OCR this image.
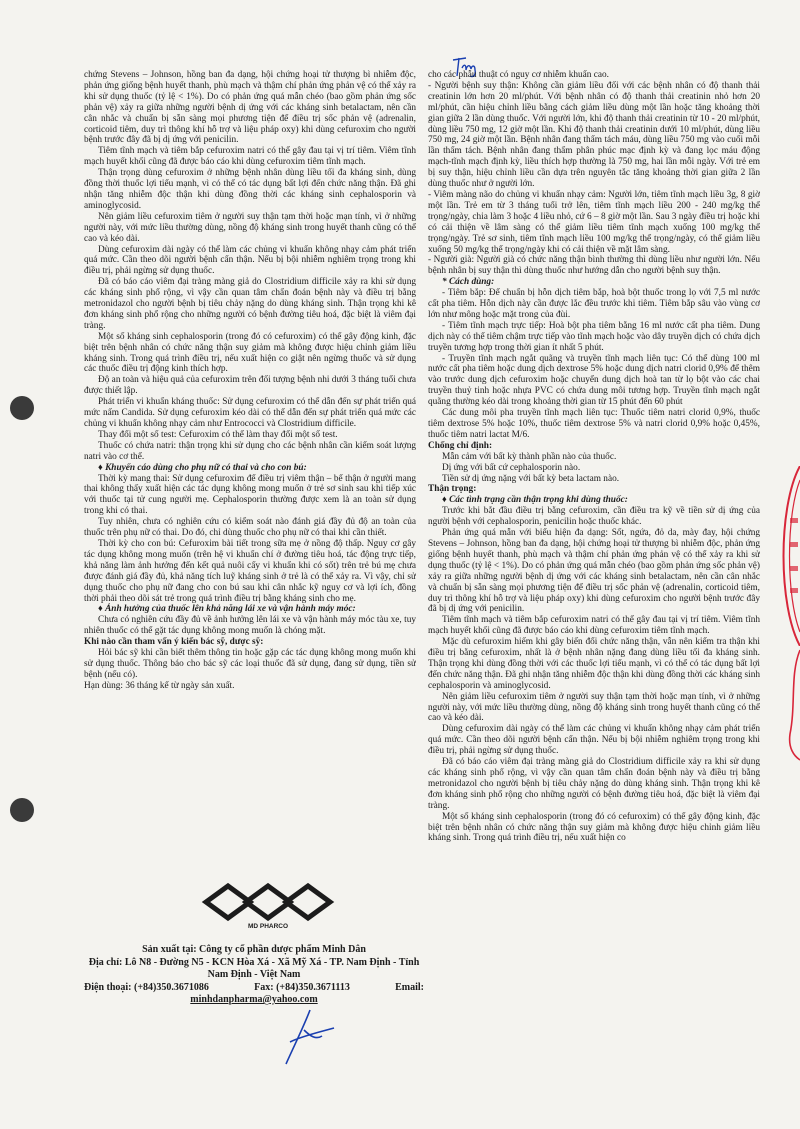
chứng Stevens – Johnson, hồng ban đa dạng, hội chứng hoại tử thượng bì nhiễm độc, phản ứng giống bệnh huyết thanh, phù mạch và thậm chí phản ứng phản vệ có thể xảy ra khi sử dụng thuốc (tỷ lệ < 1%). Do có phản ứng quá mẫn chéo (bao gồm phản ứng sốc phản vệ) xảy ra giữa những người bệnh dị ứng với các kháng sinh betalactam, nên cần cân nhắc và chuẩn bị sẵn sàng mọi phương tiện để điều trị sốc phản vệ (adrenalin, corticoid tiêm, duy trì thông khí hỗ trợ và liệu pháp oxy) khi dùng cefuroxim cho người bệnh trước đây đã bị dị ứng với penicilin.

Tiêm tĩnh mạch và tiêm bắp cefuroxim natri có thể gây đau tại vị trí tiêm. Viêm tĩnh mạch huyết khối cũng đã được báo cáo khi dùng cefuroxim tiêm tĩnh mạch.

Thận trọng dùng cefuroxim ở những bệnh nhân dùng liều tối đa kháng sinh, dùng đồng thời thuốc lợi tiểu mạnh, vì có thể có tác dụng bất lợi đến chức năng thận. Đã ghi nhận tăng nhiễm độc thận khi dùng đồng thời các kháng sinh cephalosporin và aminoglycosid.

Nên giảm liều cefuroxim tiêm ở người suy thận tạm thời hoặc mạn tính, vì ở những người này, với mức liều thường dùng, nồng độ kháng sinh trong huyết thanh cũng có thể cao và kéo dài.

Dùng cefuroxim dài ngày có thể làm các chủng vi khuẩn không nhạy cảm phát triển quá mức. Cần theo dõi người bệnh cẩn thận. Nếu bị bội nhiễm nghiêm trọng trong khi điều trị, phải ngừng sử dụng thuốc.

Đã có báo cáo viêm đại tràng màng giả do Clostridium difficile xảy ra khi sử dụng các kháng sinh phổ rộng, vì vậy cần quan tâm chẩn đoán bệnh này và điều trị bằng metronidazol cho người bệnh bị tiêu chảy nặng do dùng kháng sinh. Thận trọng khi kê đơn kháng sinh phổ rộng cho những người có bệnh đường tiêu hoá, đặc biệt là viêm đại tràng.

Một số kháng sinh cephalosporin (trong đó có cefuroxim) có thể gây động kinh, đặc biệt trên bệnh nhân có chức năng thận suy giảm mà không được hiệu chỉnh giảm liều kháng sinh. Trong quá trình điều trị, nếu xuất hiện co giật nên ngừng thuốc và sử dụng các thuốc điều trị động kinh thích hợp.

Độ an toàn và hiệu quả của cefuroxim trên đối tượng bệnh nhi dưới 3 tháng tuổi chưa được thiết lập.

Phát triển vi khuẩn kháng thuốc: Sử dụng cefuroxim có thể dẫn đến sự phát triển quá mức nấm Candida. Sử dụng cefuroxim kéo dài có thể dẫn đến sự phát triển quá mức các chủng vi khuẩn không nhạy cảm như Entrococci và Clostridium difficile.

Thay đổi một số test: Cefuroxim có thể làm thay đổi một số test.

Thuốc có chứa natri: thận trọng khi sử dụng cho các bệnh nhân cần kiểm soát lượng natri vào cơ thể.

♦ Khuyến cáo dùng cho phụ nữ có thai và cho con bú:

Thời kỳ mang thai: Sử dụng cefuroxim để điều trị viêm thận – bể thận ở người mang thai không thấy xuất hiện các tác dụng không mong muốn ở trẻ sơ sinh sau khi tiếp xúc với thuốc tại tử cung người mẹ. Cephalosporin thường được xem là an toàn sử dụng trong khi có thai.

Tuy nhiên, chưa có nghiên cứu có kiểm soát nào đánh giá đầy đủ độ an toàn của thuốc trên phụ nữ có thai. Do đó, chỉ dùng thuốc cho phụ nữ có thai khi cần thiết.

Thời kỳ cho con bú: Cefuroxim bài tiết trong sữa mẹ ở nồng độ thấp. Nguy cơ gây tác dụng không mong muốn (trên hệ vi khuẩn chí ở đường tiêu hoá, tác động trực tiếp, khả năng làm ảnh hưởng đến kết quả nuôi cấy vi khuẩn khi có sốt) trên trẻ bú mẹ chưa được đánh giá đầy đủ, khả năng tích luỹ kháng sinh ở trẻ là có thể xảy ra. Vì vậy, chỉ sử dụng thuốc cho phụ nữ đang cho con bú sau khi cân nhắc kỹ nguy cơ và lợi ích, đồng thời phải theo dõi sát trẻ trong quá trình điều trị bằng kháng sinh cho mẹ.

♦ Ảnh hưởng của thuốc lên khả năng lái xe và vận hành máy móc:

Chưa có nghiên cứu đầy đủ về ảnh hưởng lên lái xe và vận hành máy móc tàu xe, tuy nhiên thuốc có thể gặt tác dụng không mong muốn là chóng mặt.

Khi nào cần tham vấn ý kiến bác sỹ, dược sỹ:

Hỏi bác sỹ khi cần biết thêm thông tin hoặc gặp các tác dụng không mong muốn khi sử dụng thuốc. Thông báo cho bác sỹ các loại thuốc đã sử dụng, đang sử dụng, tiền sử bệnh (nếu có).

Hạn dùng: 36 tháng kể từ ngày sản xuất.

cho các phẫu thuật có nguy cơ nhiễm khuẩn cao.

- Người bệnh suy thận: Không cần giảm liều đối với các bệnh nhân có độ thanh thải creatinin lớn hơn 20 ml/phút. Với bệnh nhân có độ thanh thải creatinin nhỏ hơn 20 ml/phút, cần hiệu chỉnh liều bằng cách giảm liều dùng một lần hoặc tăng khoảng thời gian giữa 2 lần dùng thuốc. Với người lớn, khi độ thanh thải creatinin từ 10 - 20 ml/phút, dùng liều 750 mg, 12 giờ một lần. Khi độ thanh thải creatinin dưới 10 ml/phút, dùng liều 750 mg, 24 giờ một lần. Bệnh nhân đang thẩm tách máu, dùng liều 750 mg vào cuối mỗi lần thẩm tách. Bệnh nhân đang thẩm phân phúc mạc định kỳ và đang lọc máu động mạch-tĩnh mạch định kỳ, liều thích hợp thường là 750 mg, hai lần mỗi ngày. Với trẻ em bị suy thận, hiệu chỉnh liều cần dựa trên nguyên tắc tăng khoảng thời gian giữa 2 lần dùng thuốc như ở người lớn.

- Viêm màng não do chủng vi khuẩn nhạy cảm: Người lớn, tiêm tĩnh mạch liều 3g, 8 giờ một lần. Trẻ em từ 3 tháng tuổi trở lên, tiêm tĩnh mạch liều 200 - 240 mg/kg thể trọng/ngày, chia làm 3 hoặc 4 liều nhỏ, cứ 6 – 8 giờ một lần. Sau 3 ngày điều trị hoặc khi có cải thiện về lâm sàng có thể giảm liều tiêm tĩnh mạch xuống 100 mg/kg thể trọng/ngày. Trẻ sơ sinh, tiêm tĩnh mạch liều 100 mg/kg thể trọng/ngày, có thể giảm liều xuống 50 mg/kg thể trọng/ngày khi có cải thiện về mặt lâm sàng.

- Người già: Người già có chức năng thận bình thường thì dùng liều như người lớn. Nếu bệnh nhân bị suy thận thì dùng thuốc như hướng dẫn cho người bệnh suy thận.

* Cách dùng:

- Tiêm bắp: Để chuẩn bị hỗn dịch tiêm bắp, hoà bột thuốc trong lọ với 7,5 ml nước cất pha tiêm. Hỗn dịch này cần được lắc đều trước khi tiêm. Tiêm bắp sâu vào vùng cơ lớn như mông hoặc mặt trong của đùi.

- Tiêm tĩnh mạch trực tiếp: Hoà bột pha tiêm bằng 16 ml nước cất pha tiêm. Dung dịch này có thể tiêm chậm trực tiếp vào tĩnh mạch hoặc vào dây truyền dịch có chứa dịch truyền tương hợp trong thời gian ít nhất 5 phút.

- Truyền tĩnh mạch ngắt quãng và truyền tĩnh mạch liên tục: Có thể dùng 100 ml nước cất pha tiêm hoặc dung dịch dextrose 5% hoặc dung dịch natri clorid 0,9% để thêm vào trước dung dịch cefuroxim hoặc chuyển dung dịch hoà tan từ lọ bột vào các chai truyền thuỷ tinh hoặc nhựa PVC có chứa dung môi tương hợp. Truyền tĩnh mạch ngắt quãng thường kéo dài trong khoảng thời gian từ 15 phút đến 60 phút

Các dung môi pha truyền tĩnh mạch liên tục: Thuốc tiêm natri clorid 0,9%, thuốc tiêm dextrose 5% hoặc 10%, thuốc tiêm dextrose 5% và natri clorid 0,9% hoặc 0,45%, thuốc tiêm natri lactat M/6.

Chống chỉ định:

Mẫn cảm với bất kỳ thành phần nào của thuốc.

Dị ứng với bất cứ cephalosporin nào.

Tiền sử dị ứng nặng với bất kỳ beta lactam nào.

Thận trọng:

♦ Các tình trạng cần thận trọng khi dùng thuốc:

Trước khi bắt đầu điều trị bằng cefuroxim, cần điều tra kỹ về tiền sử dị ứng của người bệnh với cephalosporin, penicilin hoặc thuốc khác.

Phản ứng quá mẫn với biểu hiện đa dạng: Sốt, ngứa, đỏ da, mày đay, hội chứng Stevens – Johnson, hồng ban đa dạng, hội chứng hoại tử thượng bì nhiễm độc, phản ứng giống bệnh huyết thanh, phù mạch và thậm chí phản ứng phản vệ có thể xảy ra khi sử dụng thuốc (tỷ lệ < 1%). Do có phản ứng quá mẫn chéo (bao gồm phản ứng sốc phản vệ) xảy ra giữa những người bệnh dị ứng với các kháng sinh betalactam, nên cần cân nhắc và chuẩn bị sẵn sàng mọi phương tiện để điều trị sốc phản vệ (adrenalin, corticoid tiêm, duy trì thông khí hỗ trợ và liệu pháp oxy) khi dùng cefuroxim cho người bệnh trước đây đã bị dị ứng với penicilin.

Tiêm tĩnh mạch và tiêm bắp cefuroxim natri có thể gây đau tại vị trí tiêm. Viêm tĩnh mạch huyết khối cũng đã được báo cáo khi dùng cefuroxim tiêm tĩnh mạch.

Mặc dù cefuroxim hiếm khi gây biến đổi chức năng thận, vẫn nên kiểm tra thận khi điều trị bằng cefuroxim, nhất là ở bệnh nhân nặng đang dùng liều tối đa kháng sinh. Thận trọng khi dùng đồng thời với các thuốc lợi tiểu mạnh, vì có thể có tác dụng bất lợi đến chức năng thận. Đã ghi nhận tăng nhiễm độc thận khi dùng đồng thời các kháng sinh cephalosporin và aminoglycosid.

Nên giảm liều cefuroxim tiêm ở người suy thận tạm thời hoặc mạn tính, vì ở những người này, với mức liều thường dùng, nồng độ kháng sinh trong huyết thanh cũng có thể cao và kéo dài.

Dùng cefuroxim dài ngày có thể làm các chủng vi khuẩn không nhạy cảm phát triển quá mức. Cần theo dõi người bệnh cẩn thận. Nếu bị bội nhiễm nghiêm trọng trong khi điều trị, phải ngừng sử dụng thuốc.

Đã có báo cáo viêm đại tràng màng giả do Clostridium difficile xảy ra khi sử dụng các kháng sinh phổ rộng, vì vậy cần quan tâm chẩn đoán bệnh này và điều trị bằng metronidazol cho người bệnh bị tiêu chảy nặng do dùng kháng sinh. Thận trọng khi kê đơn kháng sinh phổ rộng cho những người có bệnh đường tiêu hoá, đặc biệt là viêm đại tràng.

Một số kháng sinh cephalosporin (trong đó có cefuroxim) có thể gây động kinh, đặc biệt trên bệnh nhân có chức năng thận suy giảm mà không được hiệu chỉnh giảm liều kháng sinh. Trong quá trình điều trị, nếu xuất hiện co

MD PHARCO
Sản xuất tại: Công ty cổ phần dược phẩm Minh Dân
Địa chỉ: Lô N8 - Đường N5 - KCN Hòa Xá - Xã Mỹ Xá - TP. Nam Định - Tỉnh Nam Định - Việt Nam
Điện thoại: (+84)350.3671086	Fax: (+84)350.3671113	Email:
minhdanpharma@yahoo.com
